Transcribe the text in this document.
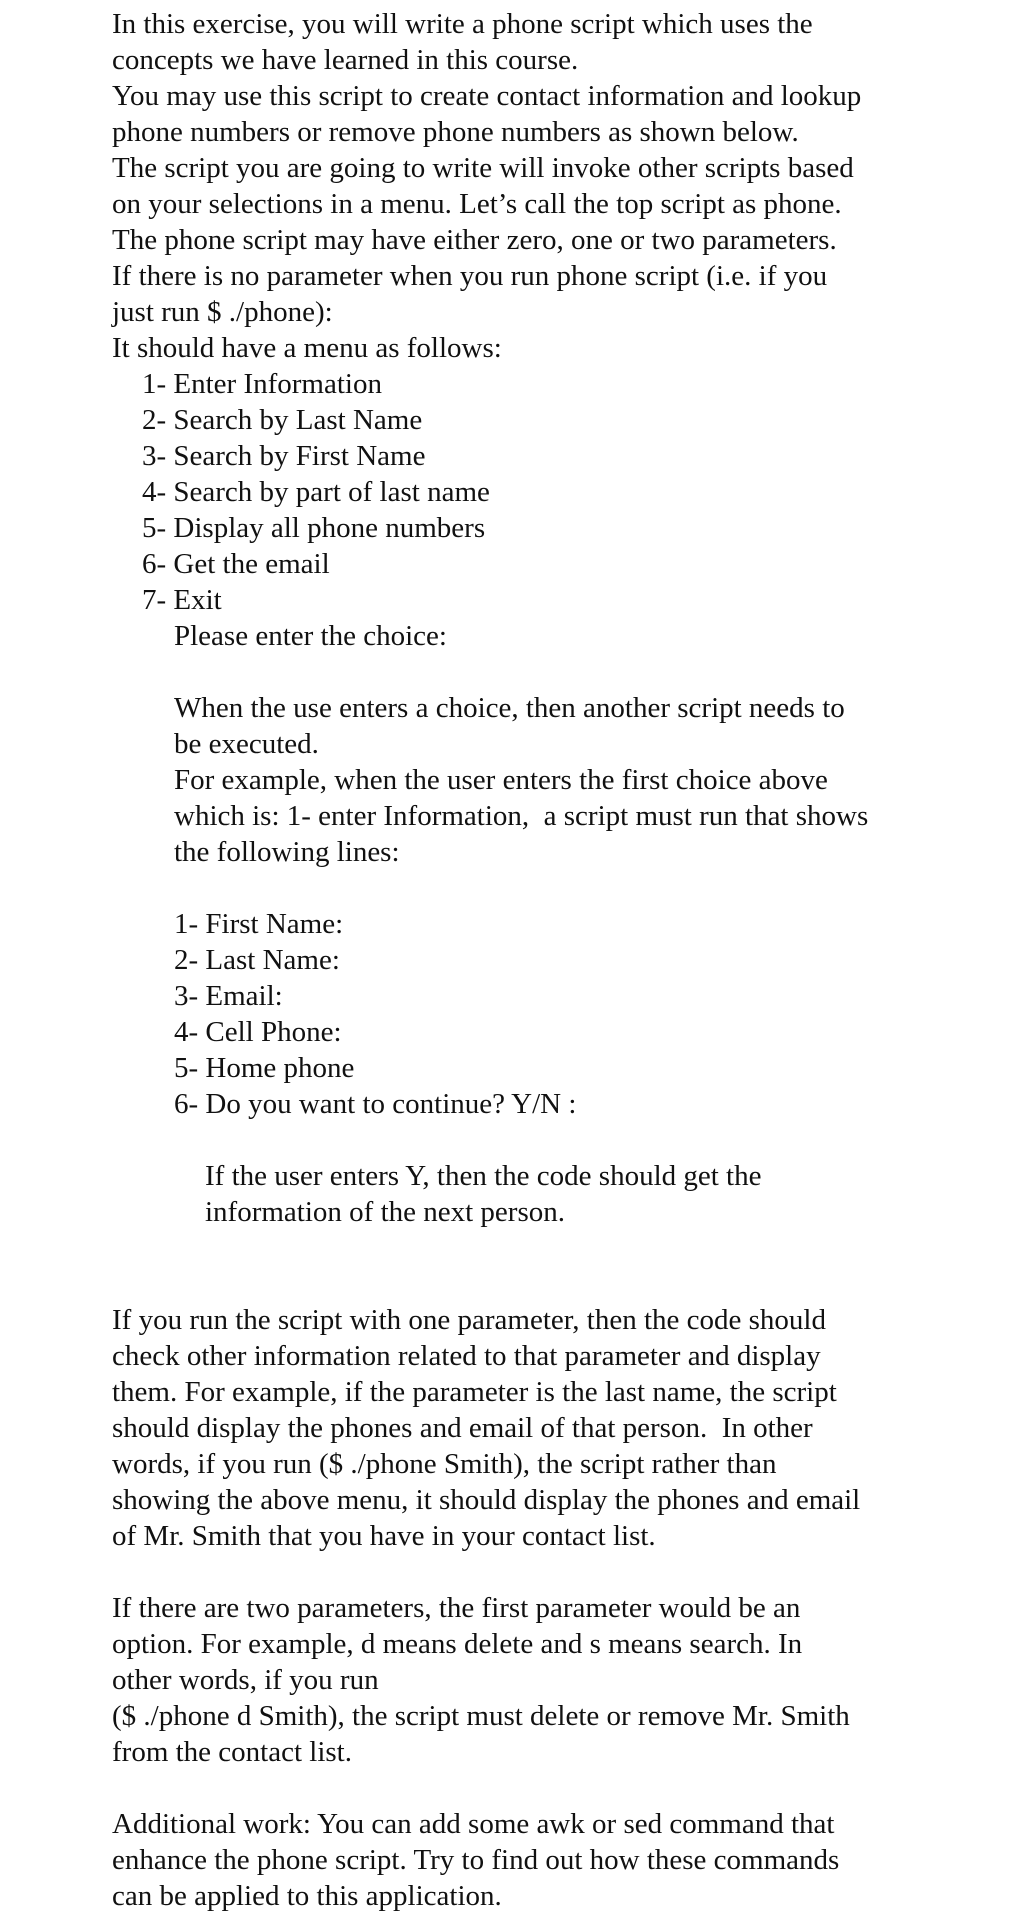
In this exercise, you will write a phone script which uses the
concepts we have learned in this course.
You may use this script to create contact information and lookup
phone numbers or remove phone numbers as shown below.
The script you are going to write will invoke other scripts based
on your selections in a menu. Let’s call the top script as phone.
The phone script may have either zero, one or two parameters.
If there is no parameter when you run phone script (i.e. if you
just run $ ./phone):
It should have a menu as follows:
1- Enter Information
2- Search by Last Name
3- Search by First Name
4- Search by part of last name
5- Display all phone numbers
6- Get the email
7- Exit
Please enter the choice:
When the use enters a choice, then another script needs to
be executed.
For example, when the user enters the first choice above
which is: 1- enter Information,  a script must run that shows
the following lines:
1- First Name:
2- Last Name:
3- Email:
4- Cell Phone:
5- Home phone
6- Do you want to continue? Y/N :
If the user enters Y, then the code should get the
information of the next person.
If you run the script with one parameter, then the code should
check other information related to that parameter and display
them. For example, if the parameter is the last name, the script
should display the phones and email of that person.  In other
words, if you run ($ ./phone Smith), the script rather than
showing the above menu, it should display the phones and email
of Mr. Smith that you have in your contact list.
If there are two parameters, the first parameter would be an
option. For example, d means delete and s means search. In
other words, if you run
($ ./phone d Smith), the script must delete or remove Mr. Smith
from the contact list.
Additional work: You can add some awk or sed command that
enhance the phone script. Try to find out how these commands
can be applied to this application.
